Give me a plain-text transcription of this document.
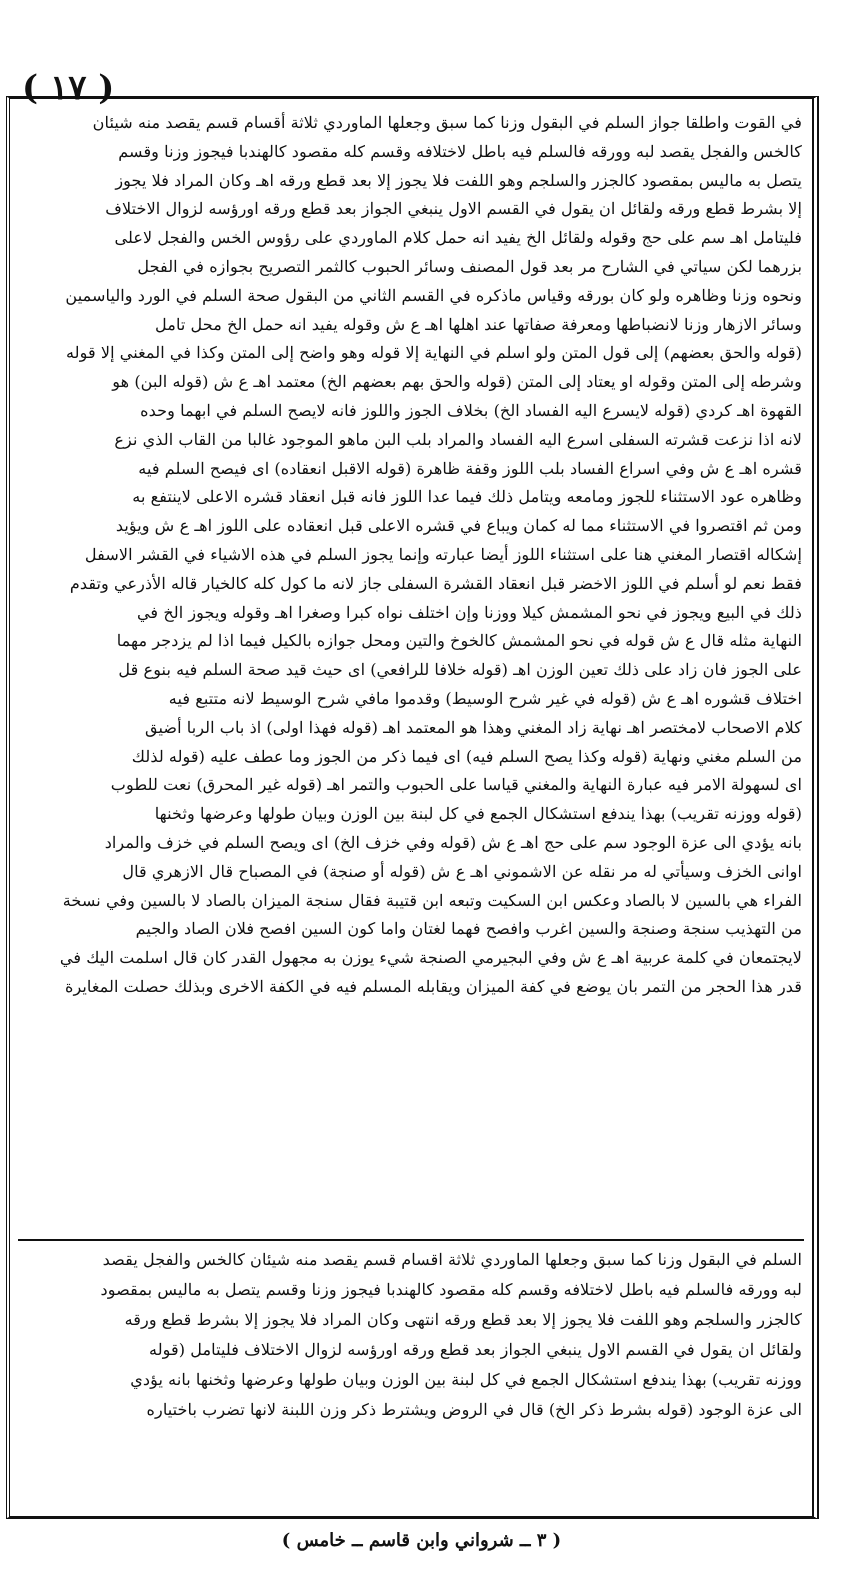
( ١٧ )
في القوت واطلقا جواز السلم في البقول وزنا كما سبق وجعلها الماوردي ثلاثة أقسام قسم يقصد منه شيئان
كالخس والفجل يقصد لبه وورقه فالسلم فيه باطل لاختلافه وقسم كله مقصود كالهندبا فيجوز وزنا وقسم
يتصل به ماليس بمقصود كالجزر والسلجم وهو اللفت فلا يجوز إلا بعد قطع ورقه اهـ وكان المراد فلا يجوز
إلا بشرط قطع ورقه ولقائل ان يقول في القسم الاول ينبغي الجواز بعد قطع ورقه اورؤسه لزوال الاختلاف
فليتامل اهـ سم على حج وقوله ولقائل الخ يفيد انه حمل كلام الماوردي على رؤوس الخس والفجل لاعلى
بزرهما لكن سياتي في الشارح مر بعد قول المصنف وسائر الحبوب كالثمر التصريح بجوازه في الفجل
ونحوه وزنا وظاهره ولو كان بورقه وقياس ماذكره في القسم الثاني من البقول صحة السلم في الورد والياسمين
وسائر الازهار وزنا لانضباطها ومعرفة صفاتها عند اهلها اهـ ع ش وقوله يفيد انه حمل الخ محل تامل
(قوله والحق بعضهم) إلى قول المتن ولو اسلم في النهاية إلا قوله وهو واضح إلى المتن وكذا في المغني إلا قوله
وشرطه إلى المتن وقوله او يعتاد إلى المتن (قوله والحق بهم بعضهم الخ) معتمد اهـ ع ش (قوله البن) هو
القهوة اهـ كردي (قوله لايسرع اليه الفساد الخ) بخلاف الجوز واللوز فانه لايصح السلم في ابهما وحده
لانه اذا نزعت قشرته السفلى اسرع اليه الفساد والمراد بلب البن ماهو الموجود غالبا من القاب الذي نزع
قشره اهـ ع ش وفي اسراع الفساد بلب اللوز وقفة ظاهرة (قوله الاقبل انعقاده) اى فيصح السلم فيه
وظاهره عود الاستثناء للجوز ومامعه ويتامل ذلك فيما عدا اللوز فانه قبل انعقاد قشره الاعلى لاينتفع به
ومن ثم اقتصروا في الاستثناء مما له كمان ويباع في قشره الاعلى قبل انعقاده على اللوز اهـ ع ش ويؤيد
إشكاله اقتصار المغني هنا على استثناء اللوز أيضا عبارته وإنما يجوز السلم في هذه الاشياء في القشر الاسفل
فقط نعم لو أسلم في اللوز الاخضر قبل انعقاد القشرة السفلى جاز لانه ما كول كله كالخيار قاله الأذرعي وتقدم
ذلك في البيع ويجوز في نحو المشمش كيلا ووزنا وإن اختلف نواه كبرا وصغرا اهـ وقوله ويجوز الخ في
النهاية مثله قال ع ش قوله في نحو المشمش كالخوخ والتين ومحل جوازه بالكيل فيما اذا لم يزدجر مهما
على الجوز فان زاد على ذلك تعين الوزن اهـ (قوله خلافا للرافعي) اى حيث قيد صحة السلم فيه بنوع قل
اختلاف قشوره اهـ ع ش (قوله في غير شرح الوسيط) وقدموا مافي شرح الوسيط لانه متتبع فيه
كلام الاصحاب لامختصر اهـ نهاية زاد المغني وهذا هو المعتمد اهـ (قوله فهذا اولى) اذ باب الربا أضيق
من السلم مغني ونهاية (قوله وكذا يصح السلم فيه) اى فيما ذكر من الجوز وما عطف عليه (قوله لذلك
اى لسهولة الامر فيه عبارة النهاية والمغني قياسا على الحبوب والتمر اهـ (قوله غير المحرق) نعت للطوب
(قوله ووزنه تقريب) بهذا يندفع استشكال الجمع في كل لبنة بين الوزن وبيان طولها وعرضها وثخنها
بانه يؤدي الى عزة الوجود سم على حج اهـ ع ش (قوله وفي خزف الخ) اى ويصح السلم في خزف والمراد
اوانى الخزف وسيأتي له مر نقله عن الاشموني اهـ ع ش (قوله أو صنجة) في المصباح قال الازهري قال
الفراء هي بالسين لا بالصاد وعكس ابن السكيت وتبعه ابن قتيبة فقال سنجة الميزان بالصاد لا بالسين وفي نسخة
من التهذيب سنجة وصنجة والسين اغرب وافصح فهما لغتان واما كون السين افصح فلان الصاد والجيم
لايجتمعان في كلمة عربية اهـ ع ش وفي البجيرمي الصنجة شيء يوزن به مجهول القدر كان قال اسلمت اليك في
قدر هذا الحجر من التمر بان يوضع في كفة الميزان ويقابله المسلم فيه في الكفة الاخرى وبذلك حصلت المغايرة
السلم في البقول وزنا كما سبق وجعلها الماوردي ثلاثة اقسام قسم يقصد منه شيئان كالخس والفجل يقصد
لبه وورقه فالسلم فيه باطل لاختلافه وقسم كله مقصود كالهندبا فيجوز وزنا وقسم يتصل به ماليس بمقصود
كالجزر والسلجم وهو اللفت فلا يجوز إلا بعد قطع ورقه انتهى وكان المراد فلا يجوز إلا بشرط قطع ورقه
ولقائل ان يقول في القسم الاول ينبغي الجواز بعد قطع ورقه اورؤسه لزوال الاختلاف فليتامل (قوله
ووزنه تقريب) بهذا يندفع استشكال الجمع في كل لبنة بين الوزن وبيان طولها وعرضها وثخنها بانه يؤدي
الى عزة الوجود (قوله بشرط ذكر الخ) قال في الروض ويشترط ذكر وزن اللبنة لانها تضرب باختياره
( ٣ ــ شرواني وابن قاسم ــ خامس )
